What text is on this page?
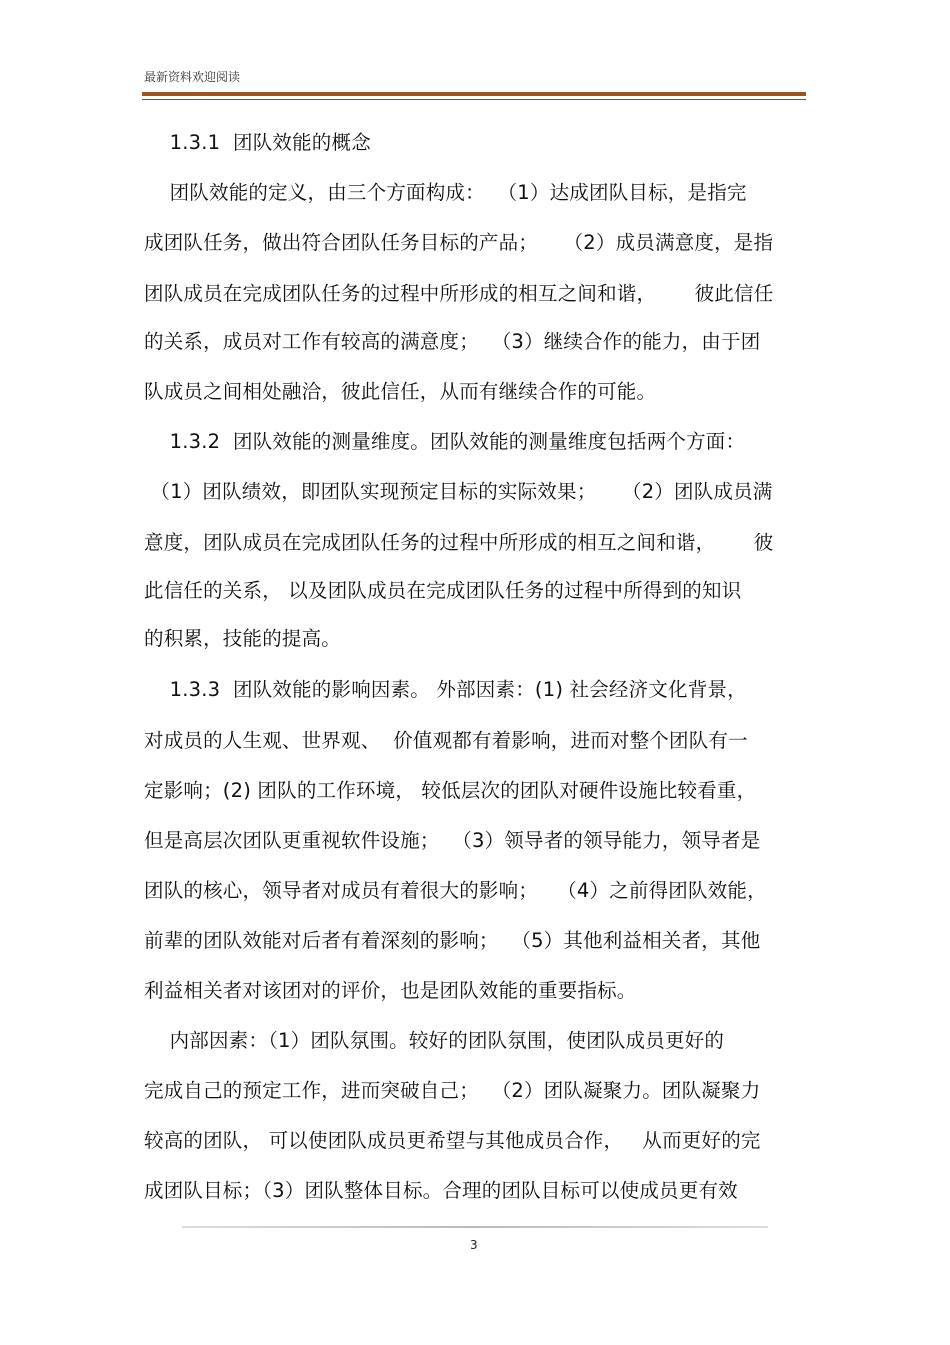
最新资料欢迎阅读
1.3.1  团队效能的概念
团队效能的定义，由三个方面构成：  （1）达成团队目标，是指完
成团队任务，做出符合团队任务目标的产品；    （2）成员满意度，是指
团队成员在完成团队任务的过程中所形成的相互之间和谐，      彼此信任
的关系，成员对工作有较高的满意度；  （3）继续合作的能力，由于团
队成员之间相处融洽，彼此信任，从而有继续合作的可能。
1.3.2  团队效能的测量维度。团队效能的测量维度包括两个方面：
（1）团队绩效，即团队实现预定目标的实际效果；    （2）团队成员满
意度，团队成员在完成团队任务的过程中所形成的相互之间和谐，      彼
此信任的关系， 以及团队成员在完成团队任务的过程中所得到的知识
的积累，技能的提高。
1.3.3  团队效能的影响因素。 外部因素：(1) 社会经济文化背景，
对成员的人生观、世界观、  价值观都有着影响，进而对整个团队有一
定影响；(2) 团队的工作环境， 较低层次的团队对硬件设施比较看重，
但是高层次团队更重视软件设施；  （3）领导者的领导能力，领导者是
团队的核心，领导者对成员有着很大的影响；   （4）之前得团队效能，
前辈的团队效能对后者有着深刻的影响；  （5）其他利益相关者，其他
利益相关者对该团对的评价，也是团队效能的重要指标。
内部因素：（1）团队氛围。较好的团队氛围，使团队成员更好的
完成自己的预定工作，进而突破自己；  （2）团队凝聚力。团队凝聚力
较高的团队， 可以使团队成员更希望与其他成员合作，   从而更好的完
成团队目标；（3）团队整体目标。合理的团队目标可以使成员更有效
3
